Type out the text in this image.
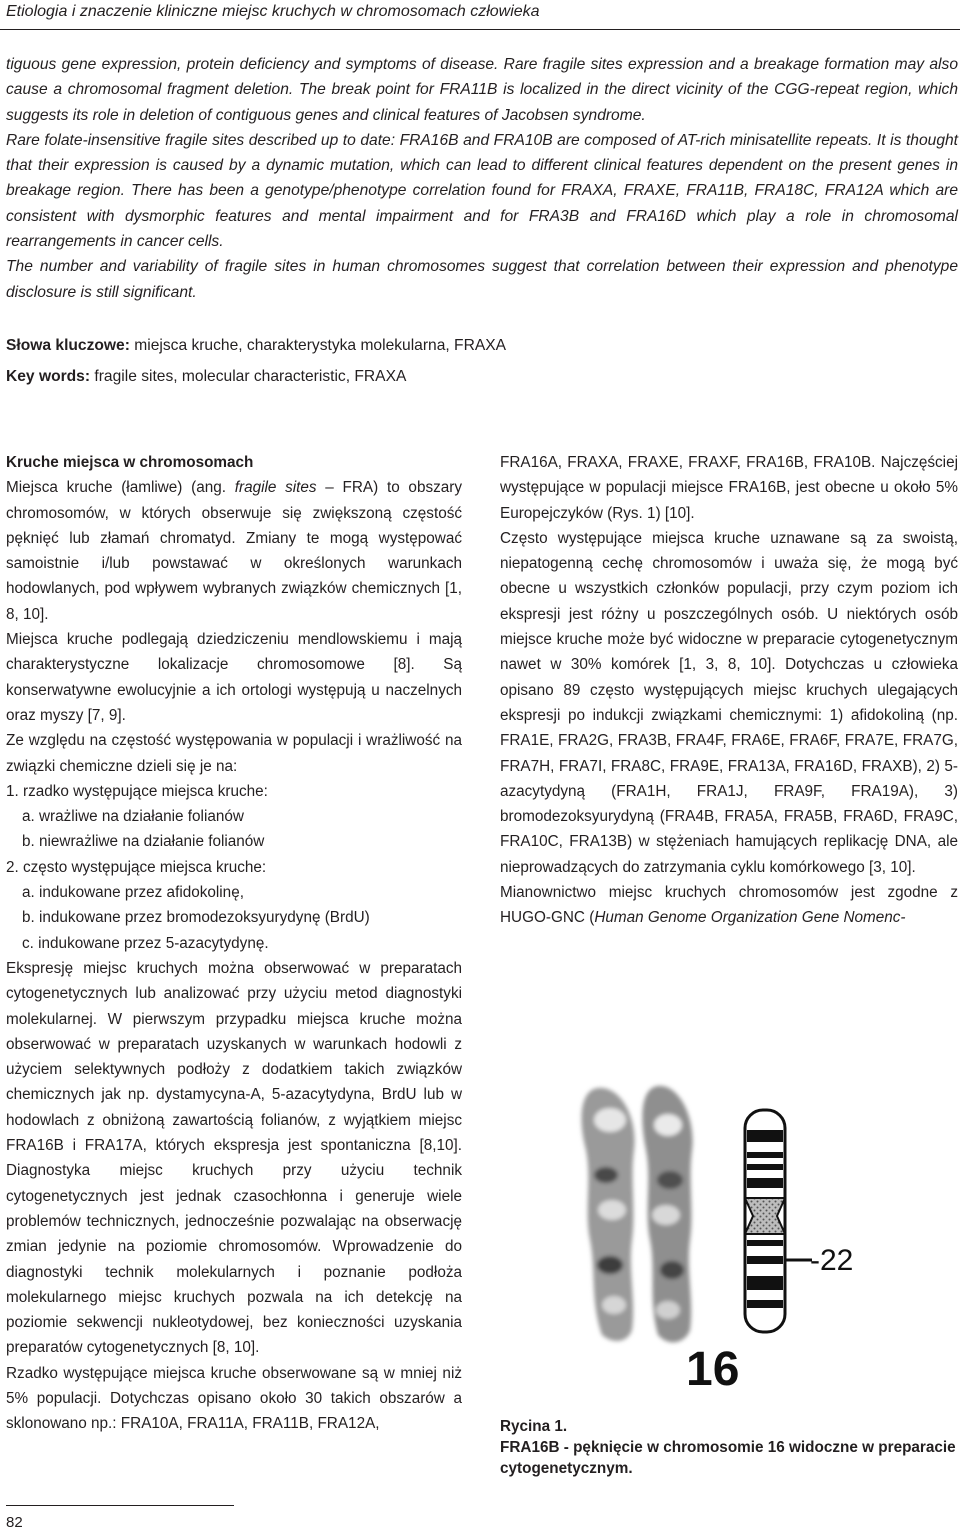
Etiologia i znaczenie kliniczne miejsc kruchych w chromosomach człowieka

tiguous gene expression, protein deficiency and symptoms of disease. Rare fragile sites expression and a breakage formation may also cause a chromosomal fragment deletion. The break point for FRA11B is localized in the direct vicinity of the CGG-repeat region, which suggests its role in deletion of contiguous genes and clinical features of Jacobsen syndrome.

Rare folate-insensitive fragile sites described up to date: FRA16B and FRA10B are composed of AT-rich minisatellite repeats. It is thought that their expression is caused by a dynamic mutation, which can lead to different clinical features dependent on the present genes in breakage region. There has been a genotype/phenotype correlation found for FRAXA, FRAXE, FRA11B, FRA18C, FRA12A which are consistent with dysmorphic features and mental impairment and for FRA3B and FRA16D which play a role in chromosomal rearrangements in cancer cells.

The number and variability of fragile sites in human chromosomes suggest that correlation between their expression and phenotype disclosure is still significant.

Słowa kluczowe: miejsca kruche, charakterystyka molekularna, FRAXA
Key words: fragile sites, molecular characteristic, FRAXA

Kruche miejsca w chromosomach

Miejsca kruche (łamliwe) (ang. fragile sites – FRA) to obszary chromosomów, w których obserwuje się zwiększoną częstość pęknięć lub złamań chromatyd. Zmiany te mogą występować samoistnie i/lub powstawać w określonych warunkach hodowlanych, pod wpływem wybranych związków chemicznych [1, 8, 10].

Miejsca kruche podlegają dziedziczeniu mendlowskiemu i mają charakterystyczne lokalizacje chromosomowe [8]. Są konserwatywne ewolucyjnie a ich ortologi występują u naczelnych oraz myszy [7, 9].

Ze względu na częstość występowania w populacji i wrażliwość na związki chemiczne dzieli się je na:

1. rzadko występujące miejsca kruche:

a. wrażliwe na działanie folianów

b. niewrażliwe na działanie folianów

2. często występujące miejsca kruche:

a. indukowane przez afidokolinę,

b. indukowane przez bromodezoksyurydynę (BrdU)

c. indukowane przez 5-azacytydynę.

Ekspresję miejsc kruchych można obserwować w preparatach cytogenetycznych lub analizować przy użyciu metod diagnostyki molekularnej. W pierwszym przypadku miejsca kruche można obserwować w preparatach uzyskanych w warunkach hodowli z użyciem selektywnych podłoży z dodatkiem takich związków chemicznych jak np. dystamycyna-A, 5-azacytydyna, BrdU lub w hodowlach z obniżoną zawartością folianów, z wyjątkiem miejsc FRA16B i FRA17A, których ekspresja jest spontaniczna [8,10]. Diagnostyka miejsc kruchych przy użyciu technik cytogenetycznych jest jednak czasochłonna i generuje wiele problemów technicznych, jednocześnie pozwalając na obserwację zmian jedynie na poziomie chromosomów. Wprowadzenie do diagnostyki technik molekularnych i poznanie podłoża molekularnego miejsc kruchych pozwala na ich detekcję na poziomie sekwencji nukleotydowej, bez konieczności uzyskania preparatów cytogenetycznych [8, 10].

Rzadko występujące miejsca kruche obserwowane są w mniej niż 5% populacji. Dotychczas opisano około 30 takich obszarów a sklonowano np.: FRA10A, FRA11A, FRA11B, FRA12A,

FRA16A, FRAXA, FRAXE, FRAXF, FRA16B, FRA10B. Najczęściej występujące w populacji miejsce FRA16B, jest obecne u około 5% Europejczyków (Rys. 1) [10].

Często występujące miejsca kruche uznawane są za swoistą, niepatogenną cechę chromosomów i uważa się, że mogą być obecne u wszystkich członków populacji, przy czym poziom ich ekspresji jest różny u poszczególnych osób. U niektórych osób miejsce kruche może być widoczne w preparacie cytogenetycznym nawet w 30% komórek [1, 3, 8, 10]. Dotychczas u człowieka opisano 89 często występujących miejsc kruchych ulegających ekspresji po indukcji związkami chemicznymi: 1) afidokoliną (np. FRA1E, FRA2G, FRA3B, FRA4F, FRA6E, FRA6F, FRA7E, FRA7G, FRA7H, FRA7I, FRA8C, FRA9E, FRA13A, FRA16D, FRAXB), 2) 5-azacytydyną (FRA1H, FRA1J, FRA9F, FRA19A), 3) bromodezoksyurydyną (FRA4B, FRA5A, FRA5B, FRA6D, FRA9C, FRA10C, FRA13B) w stężeniach hamujących replikację DNA, ale nieprowadzących do zatrzymania cyklu komórkowego [3, 10].

Mianownictwo miejsc kruchych chromosomów jest zgodne z HUGO-GNC (Human Genome Organization Gene Nomenc-

-22
16

Rycina 1.

FRA16B - pęknięcie w chromosomie 16 widoczne w preparacie cytogenetycznym.

82
